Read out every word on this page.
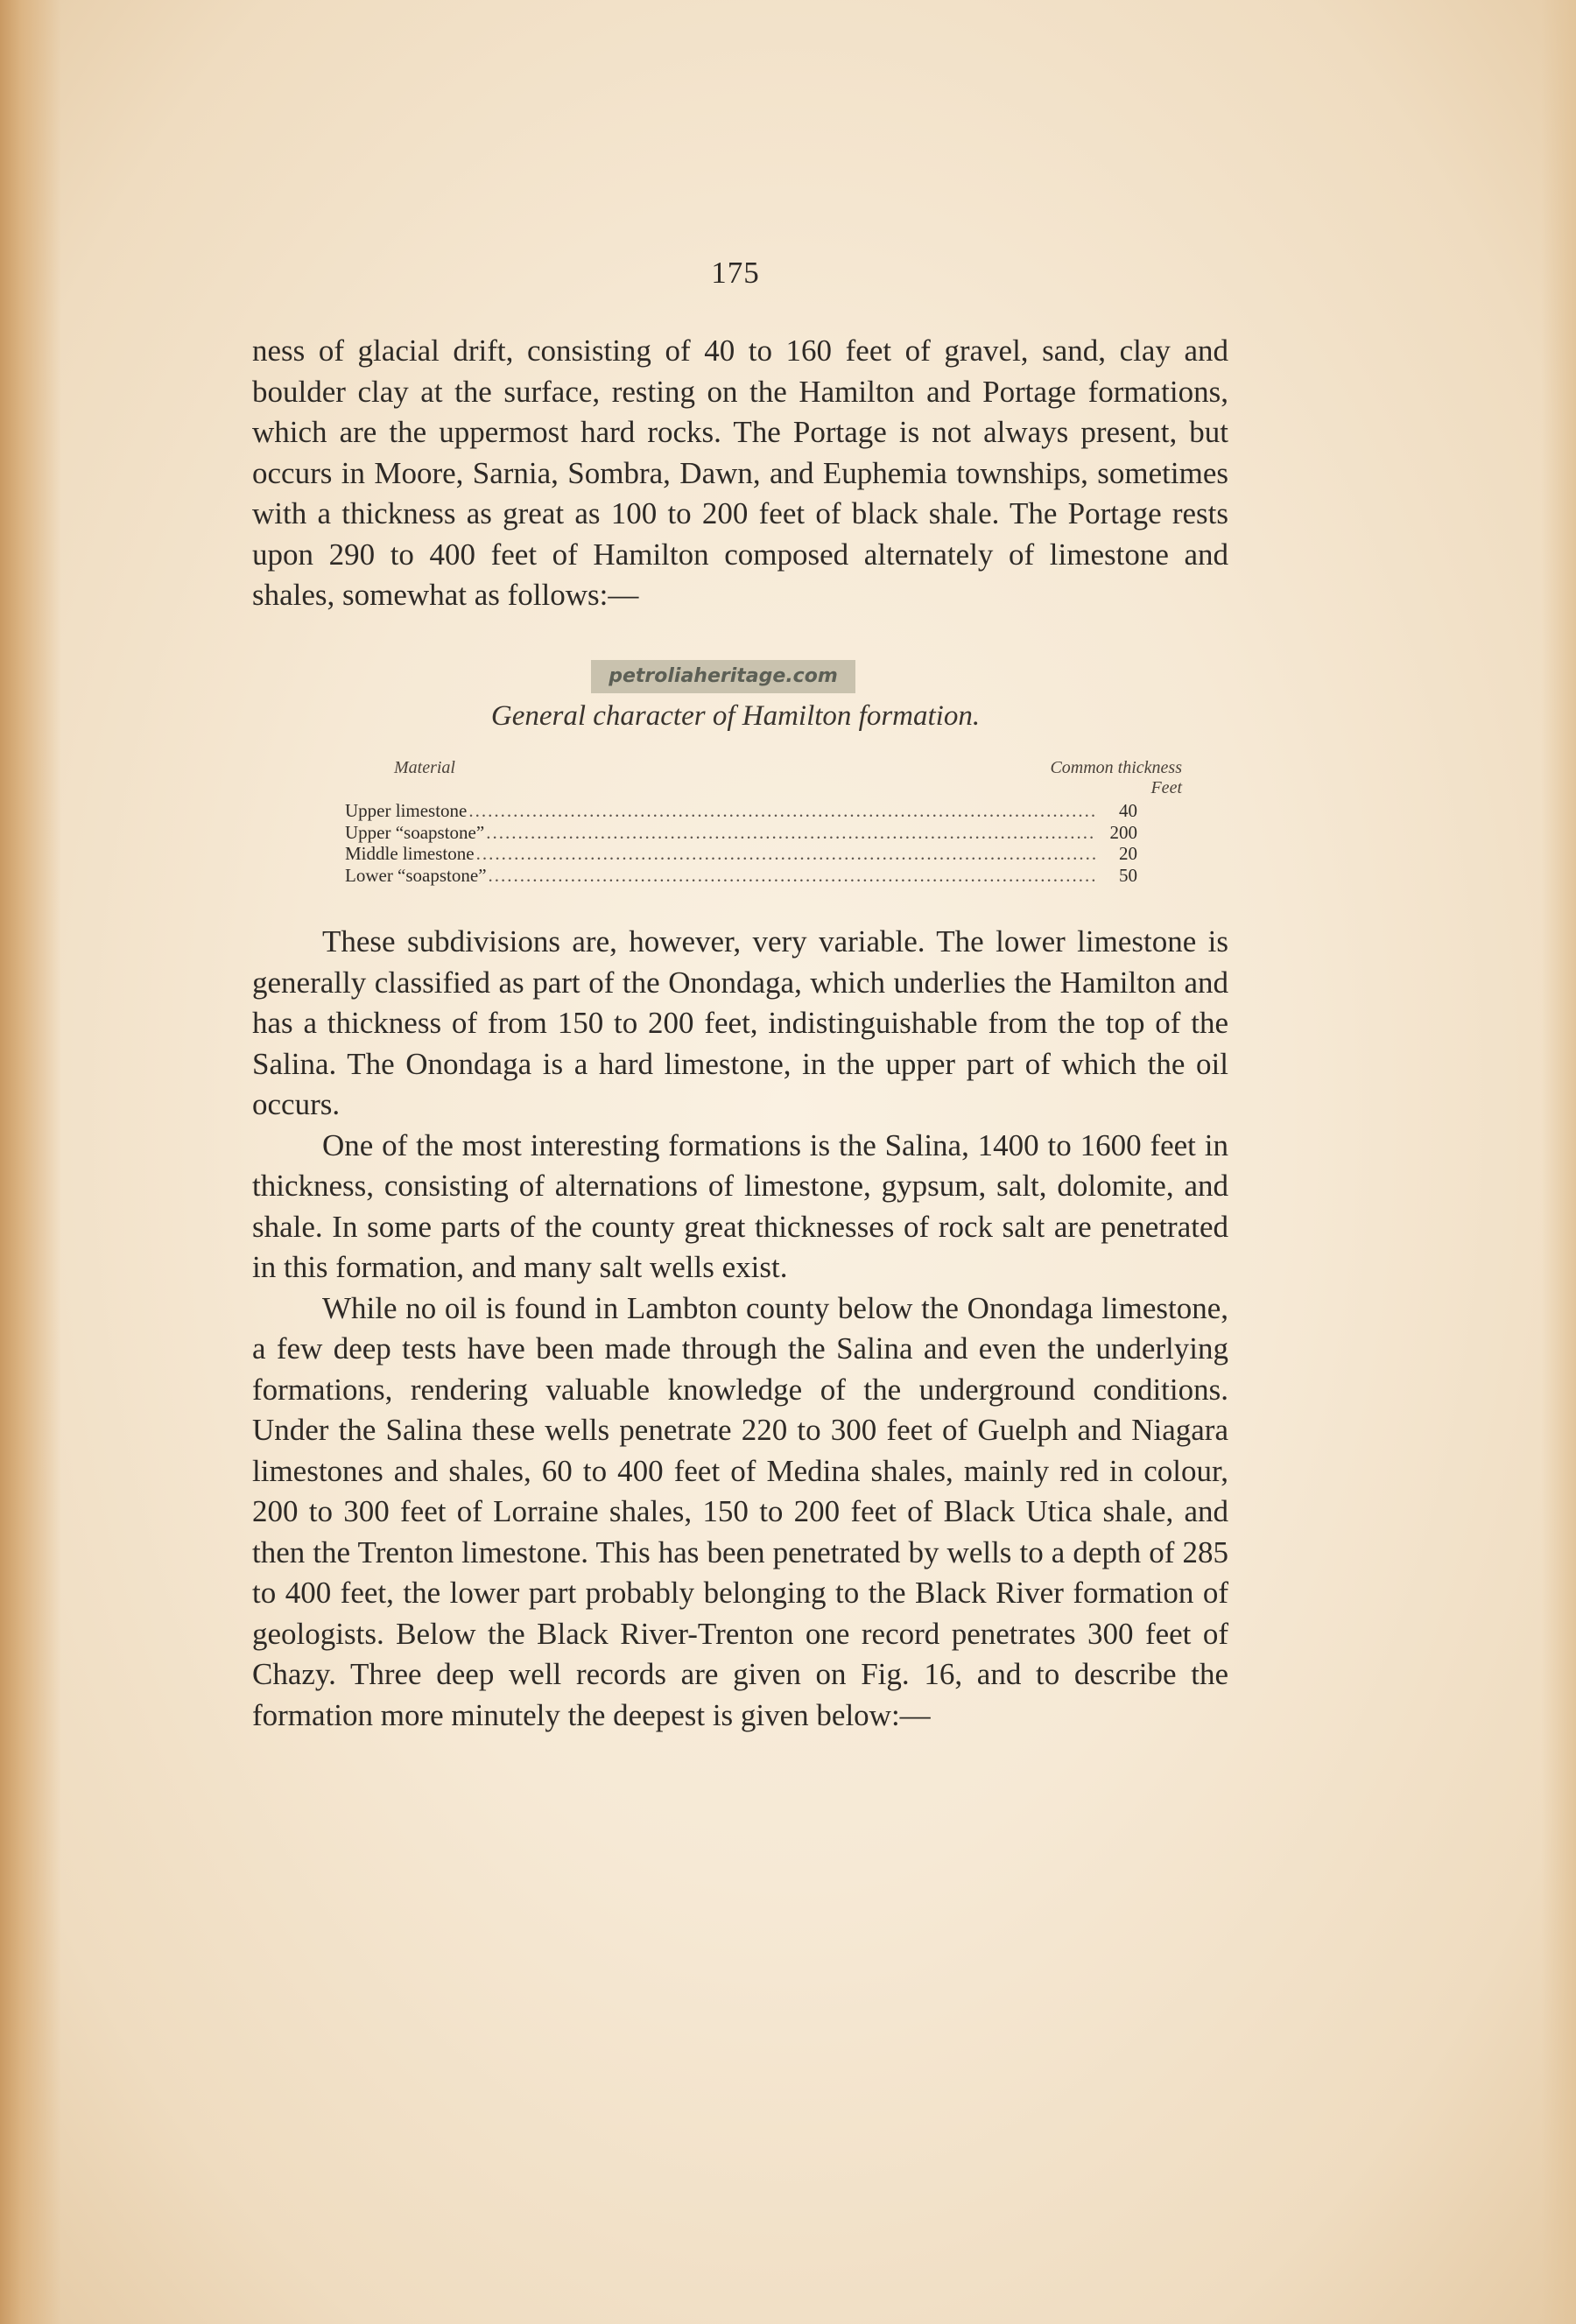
175

ness of glacial drift, consisting of 40 to 160 feet of gravel, sand, clay and boulder clay at the surface, resting on the Hamilton and Portage formations, which are the uppermost hard rocks. The Portage is not always present, but occurs in Moore, Sarnia, Sombra, Dawn, and Euphemia townships, sometimes with a thickness as great as 100 to 200 feet of black shale. The Portage rests upon 290 to 400 feet of Hamilton composed alternately of limestone and shales, somewhat as follows:—

petroliaheritage.com
General character of Hamilton formation.
Material	Common thickness
Feet
Upper limestone .....	40
Upper “soapstone” .....	200
Middle limestone .....	20
Lower “soapstone” .....	50

These subdivisions are, however, very variable. The lower limestone is generally classified as part of the Onondaga, which underlies the Hamilton and has a thickness of from 150 to 200 feet, indistinguishable from the top of the Salina. The Onondaga is a hard limestone, in the upper part of which the oil occurs.

One of the most interesting formations is the Salina, 1400 to 1600 feet in thickness, consisting of alternations of limestone, gypsum, salt, dolomite, and shale. In some parts of the county great thicknesses of rock salt are penetrated in this formation, and many salt wells exist.

While no oil is found in Lambton county below the Onondaga limestone, a few deep tests have been made through the Salina and even the underlying formations, rendering valuable knowledge of the underground conditions. Under the Salina these wells penetrate 220 to 300 feet of Guelph and Niagara limestones and shales, 60 to 400 feet of Medina shales, mainly red in colour, 200 to 300 feet of Lorraine shales, 150 to 200 feet of Black Utica shale, and then the Trenton limestone. This has been penetrated by wells to a depth of 285 to 400 feet, the lower part probably belonging to the Black River formation of geologists. Below the Black River-Trenton one record penetrates 300 feet of Chazy. Three deep well records are given on Fig. 16, and to describe the formation more minutely the deepest is given below:—
